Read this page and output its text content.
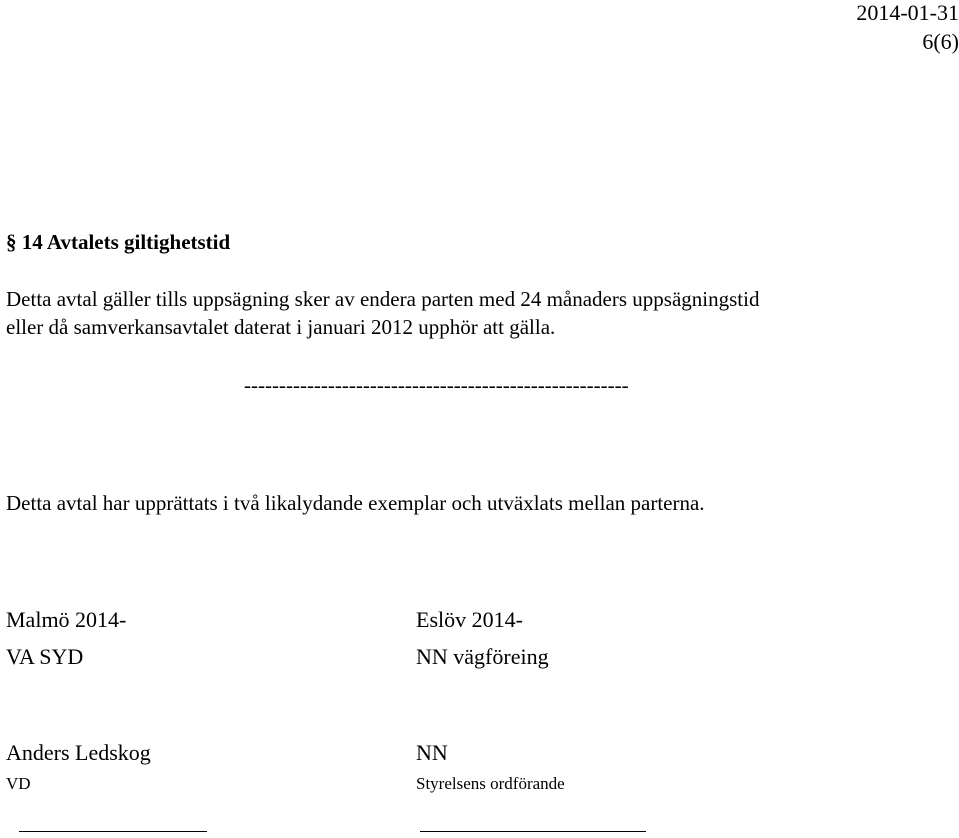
2014-01-31
6(6)
§ 14 Avtalets giltighetstid
Detta avtal gäller tills uppsägning sker av endera parten med 24 månaders uppsägningstid
eller då samverkansavtalet daterat i januari 2012 upphör att gälla.
-------------------------------------------------------
Detta avtal har upprättats i två likalydande exemplar och utväxlats mellan parterna.
Malmö 2014-	Eslöv 2014-
VA SYD	NN vägföreing
Anders Ledskog	NN
VD	Styrelsens ordförande
